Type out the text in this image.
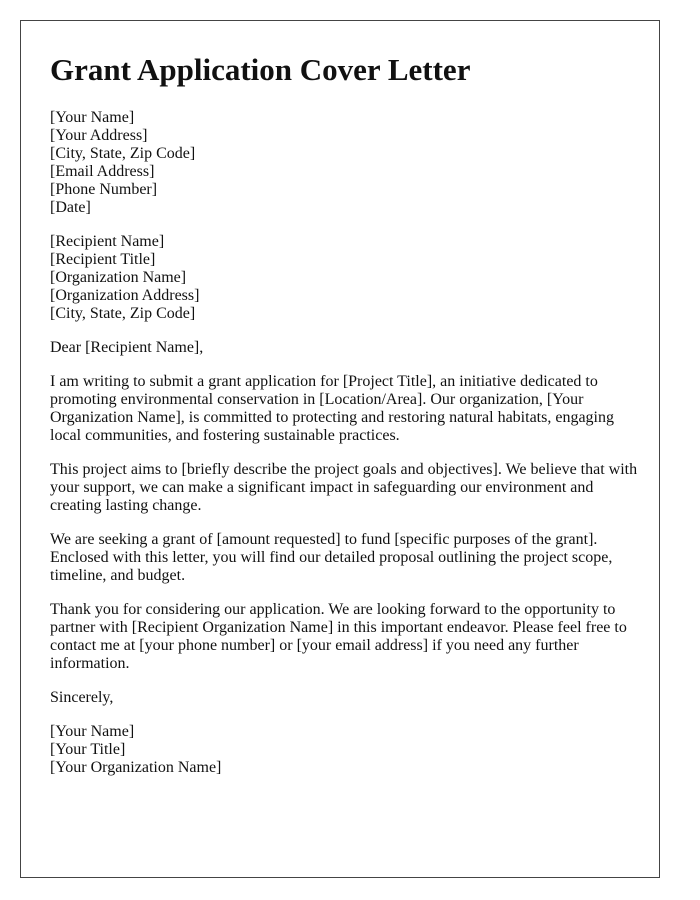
Grant Application Cover Letter
[Your Name]
[Your Address]
[City, State, Zip Code]
[Email Address]
[Phone Number]
[Date]
[Recipient Name]
[Recipient Title]
[Organization Name]
[Organization Address]
[City, State, Zip Code]

Dear [Recipient Name],

I am writing to submit a grant application for [Project Title], an initiative dedicated to promoting environmental conservation in [Location/Area]. Our organization, [Your Organization Name], is committed to protecting and restoring natural habitats, engaging local communities, and fostering sustainable practices.

This project aims to [briefly describe the project goals and objectives]. We believe that with your support, we can make a significant impact in safeguarding our environment and creating lasting change.

We are seeking a grant of [amount requested] to fund [specific purposes of the grant]. Enclosed with this letter, you will find our detailed proposal outlining the project scope, timeline, and budget.

Thank you for considering our application. We are looking forward to the opportunity to partner with [Recipient Organization Name] in this important endeavor. Please feel free to contact me at [your phone number] or [your email address] if you need any further information.

Sincerely,

[Your Name]
[Your Title]
[Your Organization Name]
